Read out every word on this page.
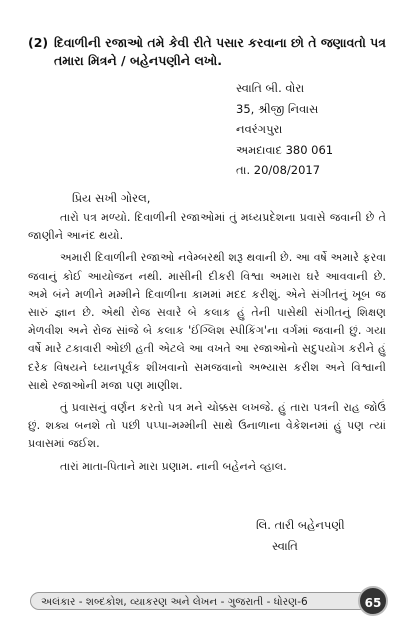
(2) દિવાળીની રજાઓ તમે કેવી રીતે પસાર કરવાના છો તે જણાવતો પત્ર તમારા મિત્રને / બહેનપણીને લખો.
સ્વાતિ બી. વોરા
35, શ્રીજી નિવાસ
નવરંગપુરા
અમદાવાદ 380 061
તા. 20/08/2017
પ્રિય સખી ગોરલ,

તારો પત્ર મળ્યો. દિવાળીની રજાઓમાં તું મધ્યપ્રદેશના પ્રવાસે જવાની છે તે જાણીને આનંદ થયો.

અમારી દિવાળીની રજાઓ નવેમ્બરથી શરૂ થવાની છે. આ વર્ષે અમારે ફરવા જવાનું કોઈ આયોજન નથી. માસીની દીકરી વિશ્વા અમારા ઘરે આવવાની છે. અમે બંને મળીને મમ્મીને દિવાળીના કામમાં મદદ કરીશું. એને સંગીતનું ખૂબ જ સારું જ્ઞાન છે. એથી રોજ સવારે બે કલાક હું તેની પાસેથી સંગીતનું શિક્ષણ મેળવીશ અને રોજ સાંજે બે કલાક 'ઈંગ્લિશ સ્પીકિંગ'ના વર્ગમાં જવાની છું. ગયા વર્ષે મારે ટકાવારી ઓછી હતી એટલે આ વખતે આ રજાઓનો સદુપયોગ કરીને હું દરેક વિષયને ધ્યાનપૂર્વક શીખવાનો સમજવાનો અભ્યાસ કરીશ અને વિશ્વાની સાથે રજાઓની મજા પણ માણીશ.

તું પ્રવાસનું વર્ણન કરતો પત્ર મને ચોક્કસ લખજે. હું તારા પત્રની રાહ જોઉં છું. શક્ય બનશે તો પછી પપ્પા-મમ્મીની સાથે ઉનાળાના વેકેશનમાં હું પણ ત્યાં પ્રવાસમાં જઈશ.

તારાં માતા-પિતાને મારા પ્રણામ. નાની બહેનને વ્હાલ.

લિ. તારી બહેનપણી
સ્વાતિ
અલંકાર - શબ્દકોશ, વ્યાકરણ અને લેખન - ગુજરાતી - ધોરણ-6	65
